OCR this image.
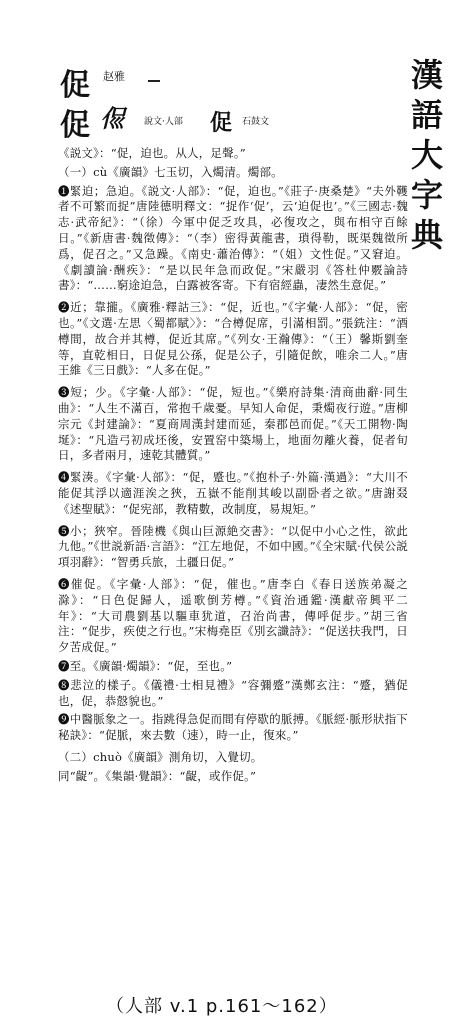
漢
語
大
字
典
促 赵雅
促 𠈉 說文·人部 促 石鼓文

《説文》：“促，迫也。从人，足聲。”

（一）cù《廣韻》七玉切，入燭清。燭部。

❶緊迫；急迫。《説文·人部》：“促，迫也。”《莊子·庚桑楚》“夫外韄者不可繁而捉”唐陸德明釋文：“捉作‘促’，云‘迫促也’。”《三國志·魏志·武帝紀》：“（徐）今軍中促乏攻具，必復攻之，與布相守百餘日。”《新唐書·魏徵傳》：“（李）密得黃龍書，瑣得勒，既渠魏徵所爲，促召之。”又急躁。《南史·蕭治傳》：“（姐）文性促。”又窘迫。《劇讀論·酬疾》：“是以民年急而政促。”宋嚴羽《答杜仲覈論詩書》：“……窮途迫急，白露被客寄。下有宿經蟲，凄然生意促。”

❷近；靠攏。《廣雅·釋詁三》：“促，近也。”《字彙·人部》：“促，密也。”《文選·左思〈蜀都賦〉》：“合樽促席，引滿相罰。”張銑注：“酒樽間，故合并其樽，促近其席。”《列女·王瀚傳》：“（王）馨斯劉奎等，直乾相日，日促見公孫，促是公子，引隨促飲，唯余二人。”唐王維《三日戲》：“人多在促。”

❸短；少。《字彙·人部》：“促，短也。”《樂府詩集·清商曲辭·同生曲》：“人生不滿百，常抱千歲憂。早知人命促，秉燭夜行遊。”唐柳宗元《封建論》：“夏商周漢封建而延，秦郡邑而促。”《天工開物·陶埏》：“凡造弓初成坯後，安置窑中築場上，地面勿離火養，促者旬日，多者兩月，速乾其體質。”

❹緊湊。《字彙·人部》：“促，蹙也。”《抱朴子·外篇·漢過》：“大川不能促其浮以適涯涘之狹，五嶽不能削其峻以副卧者之欲。”唐謝叕《述聖賦》：“促宪部，教精數，改制度，易規矩。”

❺小；狹窄。晉陸機《與山巨源絶交書》：“以促中小心之性，欲此九他。”《世説新語·言語》：“江左地促，不如中國。”《全宋賦·代侯公説項羽辭》：“智勇兵旅，土疆日促。”

❻催促。《字彙·人部》：“促，催也。”唐李白《春日送族弟凝之滁》：“日色促歸人，遥歌倒芳樽。”《資治通鑑·漢獻帝興平二年》：“大司農劉基以驅車犹道，召治尚書，傳呼促步。”胡三省注：“促步，疾使之行也。”宋梅堯臣《別玄讖詩》：“促送扶我門，日夕苦成促。”

❼至。《廣韻·燭韻》：“促，至也。”

❽悲泣的樣子。《儀禮·士相見禮》“容彌蹙”漢鄭玄注：“蹙，猶促也，促，恭慤貌也。”

❾中醫脈象之一。指跳得急促而間有停歇的脈搏。《脈經·脈形狀指下秘訣》：“促脈，來去數（速），時一止，復來。”

（二）chuò《廣韻》測角切，入覺切。

同“齪”。《集韻·覺韻》：“齪，或作促。”

（人部 v.1 p.161～162）
